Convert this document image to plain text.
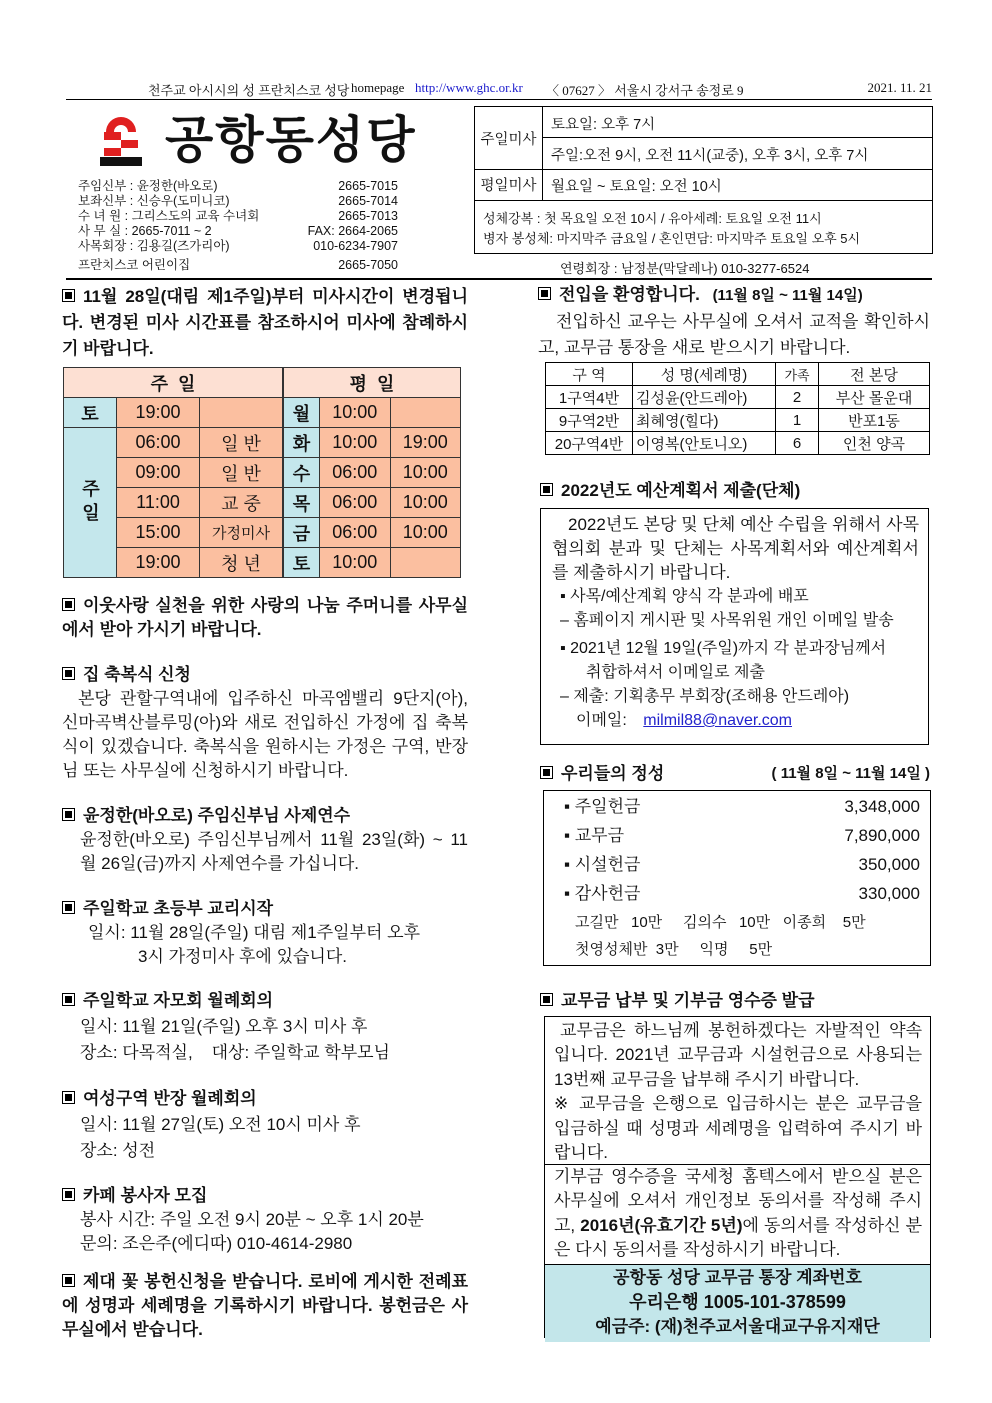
천주교 아시시의 성 프란치스코 성당 homepage http://www.ghc.or.kr 〈 07627 〉 서울시 강서구 송정로 9	2021. 11. 21
공항동성당
주임신부 : 윤정한(바오로)	2665-7015
보좌신부 : 신승우(도미니코)	2665-7014
수 녀 원 : 그리스도의 교육 수녀회	2665-7013
사 무 실 : 2665-7011 ~ 2	FAX: 2664-2065
사목회장 : 김용길(즈가리아)	010-6234-7907
프란치스코 어린이집	2665-7050
주일미사
토요일: 오후 7시
주일:오전 9시, 오전 11시(교중), 오후 3시, 오후 7시
평일미사 월요일 ~ 토요일: 오전 10시
성체강복 : 첫 목요일 오전 10시 / 유아세례: 토요일 오전 11시
병자 봉성체: 마지막주 금요일 / 혼인면담: 마지막주 토요일 오후 5시
연령회장 : 남정분(막달레나) 010-3277-6524
11월 28일(대림 제1주일)부터 미사시간이 변경됩니다. 변경된 미사 시간표를 참조하시어 미사에 참례하시기 바랍니다.
주  일			평  일		
토	19:00		월	10:00	
주일	06:00	일 반	화	10:00	19:00
	09:00	일 반	수	06:00	10:00
	11:00	교 중	목	06:00	10:00
	15:00	가정미사	금	06:00	10:00
	19:00	청 년	토	10:00	
이웃사랑 실천을 위한 사랑의 나눔 주머니를 사무실에서 받아 가시기 바랍니다.
집 축복식 신청
본당 관할구역내에 입주하신 마곡엠밸리 9단지(아), 신마곡벽산블루밍(아)와 새로 전입하신 가정에 집 축복식이 있겠습니다. 축복식을 원하시는 가정은 구역, 반장님 또는 사무실에 신청하시기 바랍니다.
윤정한(바오로) 주임신부님 사제연수
윤정한(바오로) 주임신부님께서 11월 23일(화) ~ 11월 26일(금)까지 사제연수를 가십니다.
주일학교 초등부 교리시작
일시: 11월 28일(주일) 대림 제1주일부터 오후
3시 가정미사 후에 있습니다.
주일학교 자모회 월례회의
일시: 11월 21일(주일) 오후 3시 미사 후
장소: 다목적실,    대상: 주일학교 학부모님
여성구역 반장 월례회의
일시: 11월 27일(토) 오전 10시 미사 후
장소: 성전
카페 봉사자 모집
봉사 시간: 주일 오전 9시 20분 ~ 오후 1시 20분
문의: 조은주(에디따) 010-4614-2980
제대 꽃 봉헌신청을 받습니다. 로비에 게시한 전례표에 성명과 세례명을 기록하시기 바랍니다. 봉헌금은 사무실에서 받습니다.
전입을 환영합니다. (11월 8일 ~ 11월 14일)
전입하신 교우는 사무실에 오셔서 교적을 확인하시고, 교무금 통장을 새로 받으시기 바랍니다.
구 역	성 명(세례명)	가족	전 본당
1구역4반	김성윤(안드레아)	2	부산 몰운대
9구역2반	최혜영(힐다)	1	반포1동
20구역4반	이영복(안토니오)	6	인천 양곡
2022년도 예산계획서 제출(단체)
2022년도 본당 및 단체 예산 수립을 위해서 사목협의회 분과 및 단체는 사목계획서와 예산계획서를 제출하시기 바랍니다.
▪ 사목/예산계획 양식 각 분과에 배포
– 홈페이지 게시판 및 사목위원 개인 이메일 발송
▪ 2021년 12월 19일(주일)까지 각 분과장님께서
취합하셔서 이메일로 제출
– 제출: 기획총무 부회장(조해용 안드레아)
이메일: milmil88@naver.com
우리들의 정성	( 11월 8일 ~ 11월 14일 )
▪ 주일헌금	3,348,000
▪ 교무금	7,890,000
▪ 시설헌금	350,000
▪ 감사헌금	330,000
고길만   10만     김의수   10만   이종희    5만
첫영성체반  3만     익명     5만
교무금 납부 및 기부금 영수증 발급
교무금은 하느님께 봉헌하겠다는 자발적인 약속입니다. 2021년 교무금과 시설헌금으로 사용되는 13번째 교무금을 납부해 주시기 바랍니다.
※ 교무금을 은행으로 입금하시는 분은 교무금을 입금하실 때 성명과 세례명을 입력하여 주시기 바랍니다.
기부금 영수증을 국세청 홈텍스에서 받으실 분은 사무실에 오셔서 개인정보 동의서를 작성해 주시고, 2016년(유효기간 5년)에 동의서를 작성하신 분은 다시 동의서를 작성하시기 바랍니다.
공항동 성당 교무금 통장 계좌번호
우리은행 1005-101-378599
예금주: (재)천주교서울대교구유지재단
